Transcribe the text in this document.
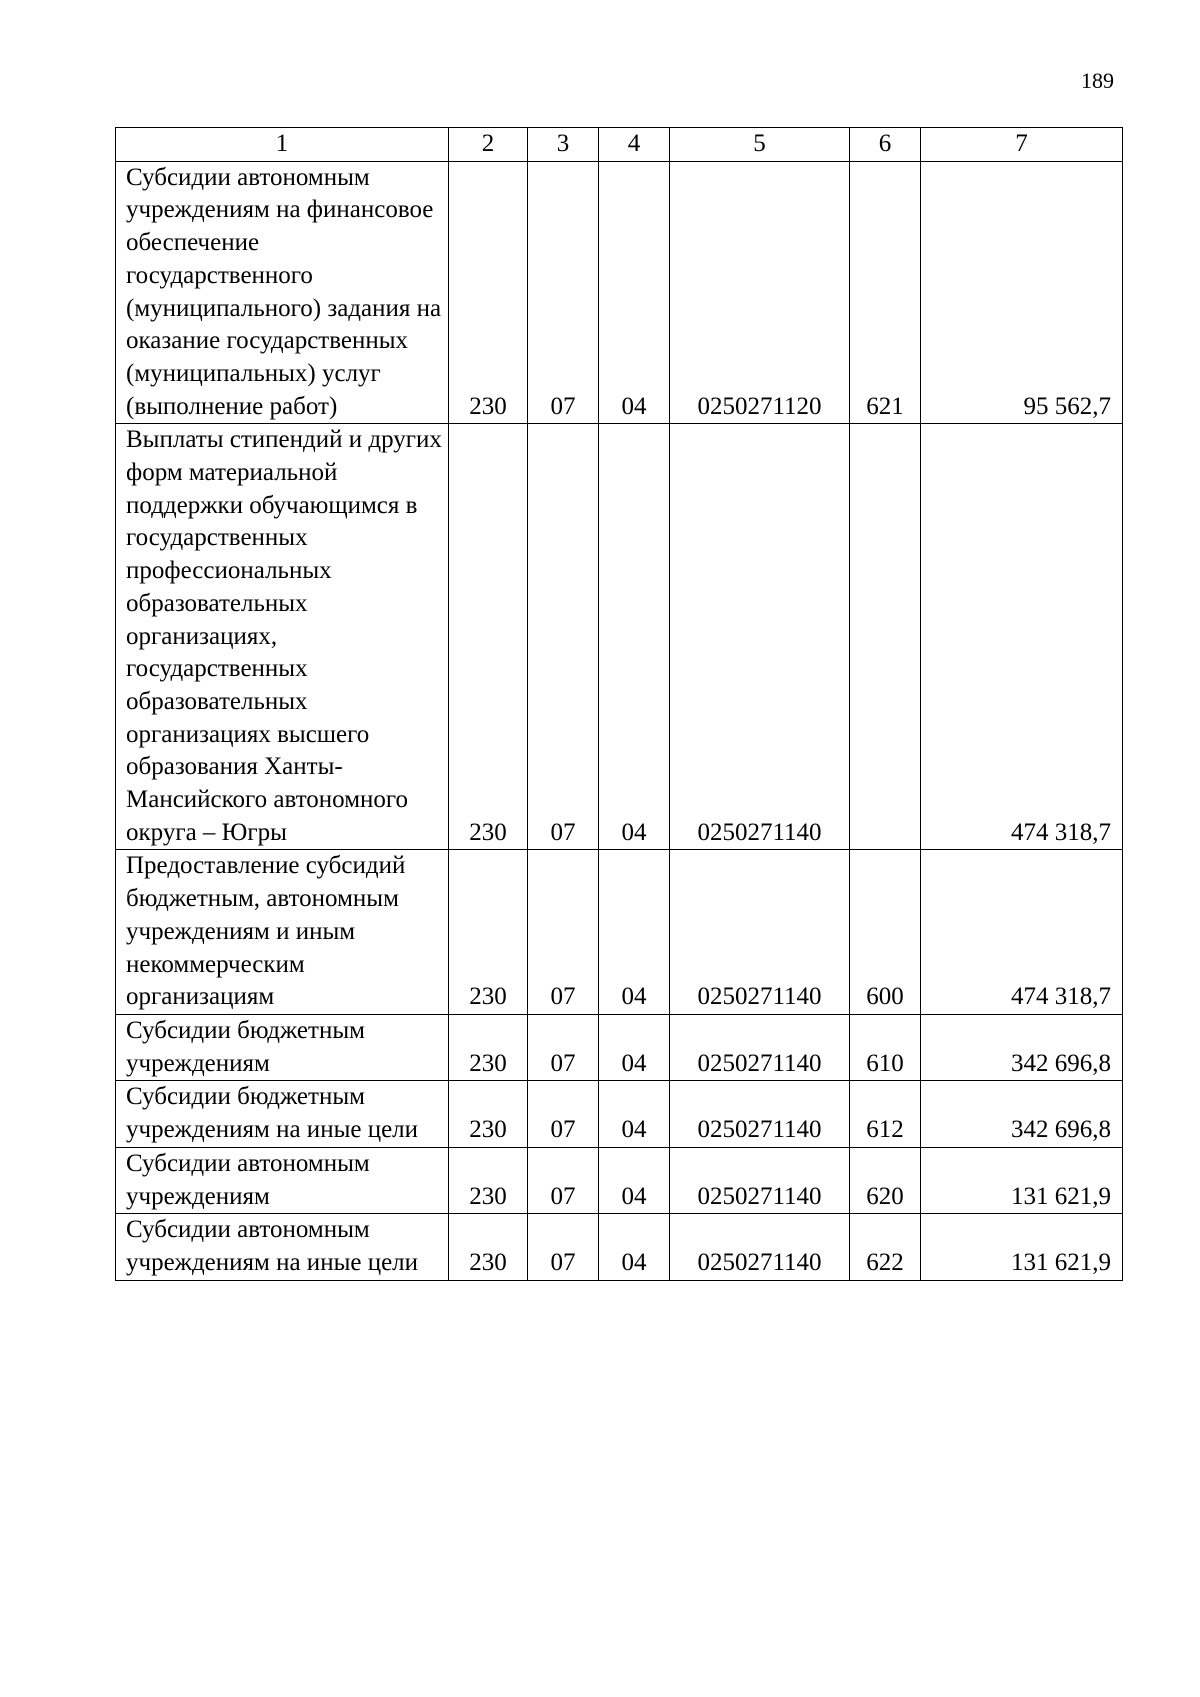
189
1	2	3	4	5	6	7
Субсидии автономным учреждениям на финансовое обеспечение государственного (муниципального) задания на оказание государственных (муниципальных) услуг (выполнение работ)	230	07	04	0250271120	621	95 562,7
Выплаты стипендий и других форм материальной поддержки обучающимся в государственных профессиональных образовательных организациях, государственных образовательных организациях высшего образования Ханты-Мансийского автономного округа – Югры	230	07	04	0250271140		474 318,7
Предоставление субсидий бюджетным, автономным учреждениям и иным некоммерческим организациям	230	07	04	0250271140	600	474 318,7
Субсидии бюджетным учреждениям	230	07	04	0250271140	610	342 696,8
Субсидии бюджетным учреждениям на иные цели	230	07	04	0250271140	612	342 696,8
Субсидии автономным учреждениям	230	07	04	0250271140	620	131 621,9
Субсидии автономным учреждениям на иные цели	230	07	04	0250271140	622	131 621,9
